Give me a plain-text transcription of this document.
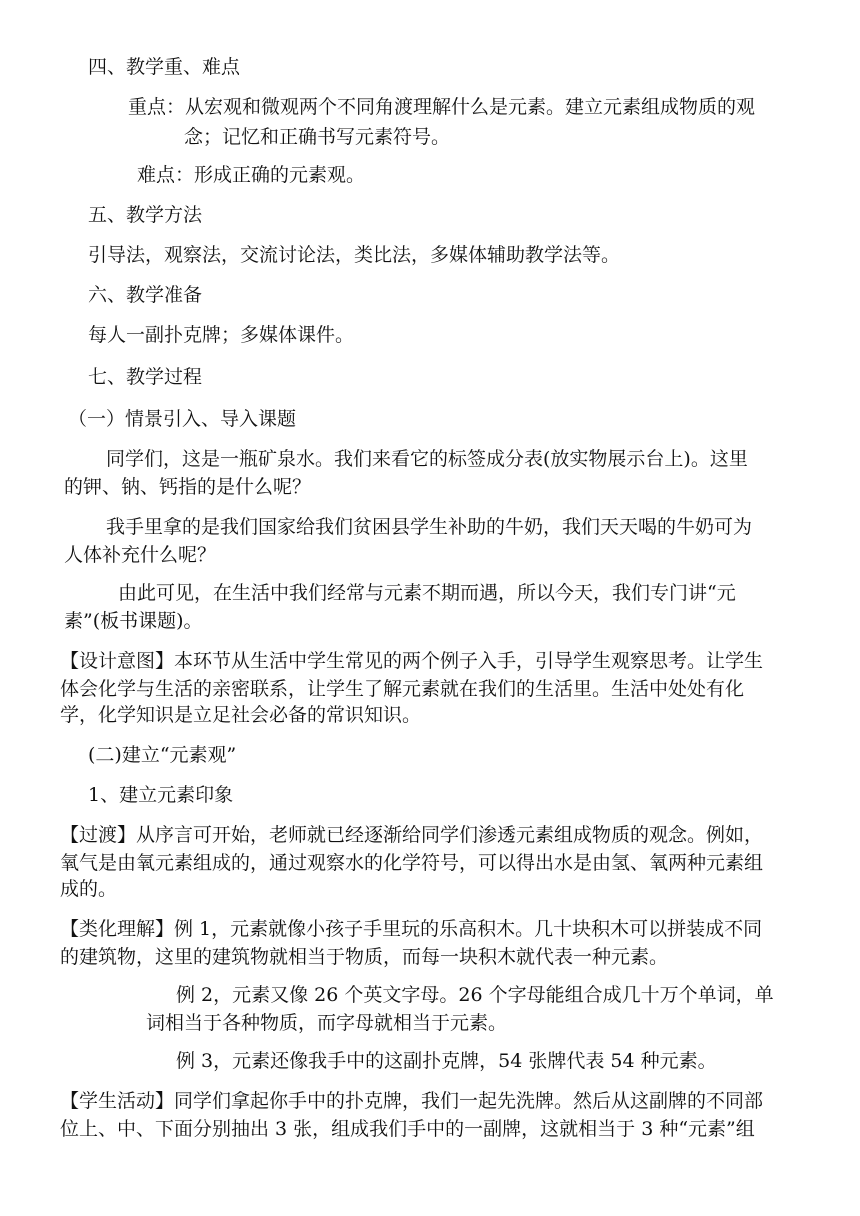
四、教学重、难点
重点：从宏观和微观两个不同角渡理解什么是元素。建立元素组成物质的观
念；记忆和正确书写元素符号。
难点：形成正确的元素观。
五、教学方法
引导法，观察法，交流讨论法，类比法，多媒体辅助教学法等。
六、教学准备
每人一副扑克牌；多媒体课件。
七、教学过程
（一）情景引入、导入课题
同学们，这是一瓶矿泉水。我们来看它的标签成分表(放实物展示台上)。这里
的钾、钠、钙指的是什么呢？
我手里拿的是我们国家给我们贫困县学生补助的牛奶，我们天天喝的牛奶可为
人体补充什么呢？
由此可见，在生活中我们经常与元素不期而遇，所以今天，我们专门讲“元
素”(板书课题)。
【设计意图】本环节从生活中学生常见的两个例子入手，引导学生观察思考。让学生
体会化学与生活的亲密联系，让学生了解元素就在我们的生活里。生活中处处有化
学，化学知识是立足社会必备的常识知识。
(二)建立“元素观”
1、建立元素印象
【过渡】从序言可开始，老师就已经逐渐给同学们渗透元素组成物质的观念。例如，
氧气是由氧元素组成的，通过观察水的化学符号，可以得出水是由氢、氧两种元素组
成的。
【类化理解】例 1，元素就像小孩子手里玩的乐高积木。几十块积木可以拼装成不同
的建筑物，这里的建筑物就相当于物质，而每一块积木就代表一种元素。
例 2，元素又像 26 个英文字母。26 个字母能组合成几十万个单词，单
词相当于各种物质，而字母就相当于元素。
例 3，元素还像我手中的这副扑克牌，54 张牌代表 54 种元素。
【学生活动】同学们拿起你手中的扑克牌，我们一起先洗牌。然后从这副牌的不同部
位上、中、下面分别抽出 3 张，组成我们手中的一副牌，这就相当于 3 种“元素”组
